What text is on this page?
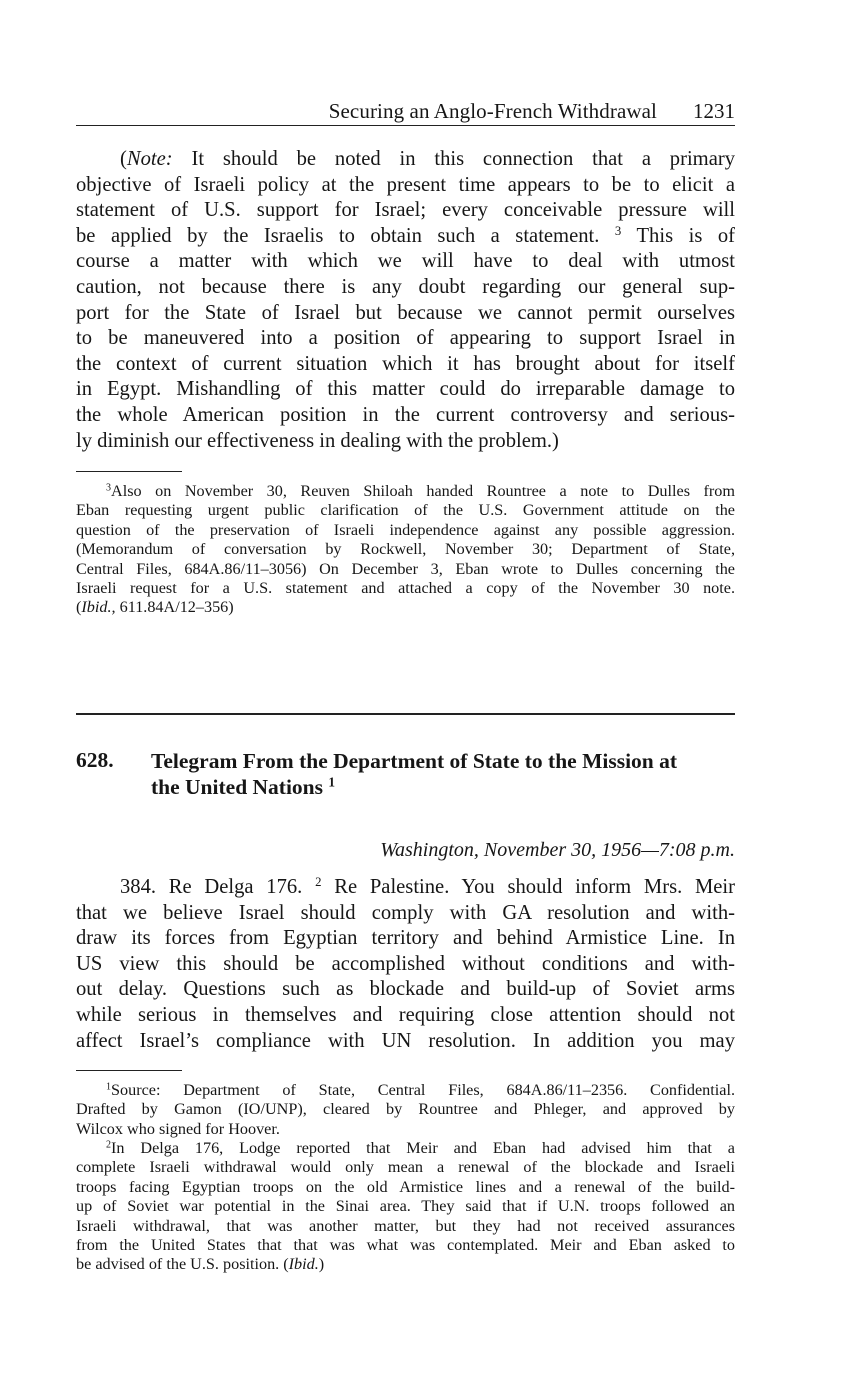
Securing an Anglo-French Withdrawal 1231
(Note: It should be noted in this connection that a primary
objective of Israeli policy at the present time appears to be to elicit a
statement of U.S. support for Israel; every conceivable pressure will
be applied by the Israelis to obtain such a statement. $^3$ This is of
course a matter with which we will have to deal with utmost
caution, not because there is any doubt regarding our general sup-
port for the State of Israel but because we cannot permit ourselves
to be maneuvered into a position of appearing to support Israel in
the context of current situation which it has brought about for itself
in Egypt. Mishandling of this matter could do irreparable damage to
the whole American position in the current controversy and serious-
ly diminish our effectiveness in dealing with the problem.)
$^3$Also on November 30, Reuven Shiloah handed Rountree a note to Dulles from
Eban requesting urgent public clarification of the U.S. Government attitude on the
question of the preservation of Israeli independence against any possible aggression.
(Memorandum of conversation by Rockwell, November 30; Department of State,
Central Files, 684A.86/11–3056) On December 3, Eban wrote to Dulles concerning the
Israeli request for a U.S. statement and attached a copy of the November 30 note.
(Ibid., 611.84A/12–356)
628. Telegram From the Department of State to the Mission at
the United Nations $^1$
Washington, November 30, 1956—7:08 p.m.
384. Re Delga 176. $^2$ Re Palestine. You should inform Mrs. Meir
that we believe Israel should comply with GA resolution and with-
draw its forces from Egyptian territory and behind Armistice Line. In
US view this should be accomplished without conditions and with-
out delay. Questions such as blockade and build-up of Soviet arms
while serious in themselves and requiring close attention should not
affect Israel’s compliance with UN resolution. In addition you may
$^1$Source: Department of State, Central Files, 684A.86/11–2356. Confidential.
Drafted by Gamon (IO/UNP), cleared by Rountree and Phleger, and approved by
Wilcox who signed for Hoover.
$^2$In Delga 176, Lodge reported that Meir and Eban had advised him that a
complete Israeli withdrawal would only mean a renewal of the blockade and Israeli
troops facing Egyptian troops on the old Armistice lines and a renewal of the build-
up of Soviet war potential in the Sinai area. They said that if U.N. troops followed an
Israeli withdrawal, that was another matter, but they had not received assurances
from the United States that that was what was contemplated. Meir and Eban asked to
be advised of the U.S. position. (Ibid.)
